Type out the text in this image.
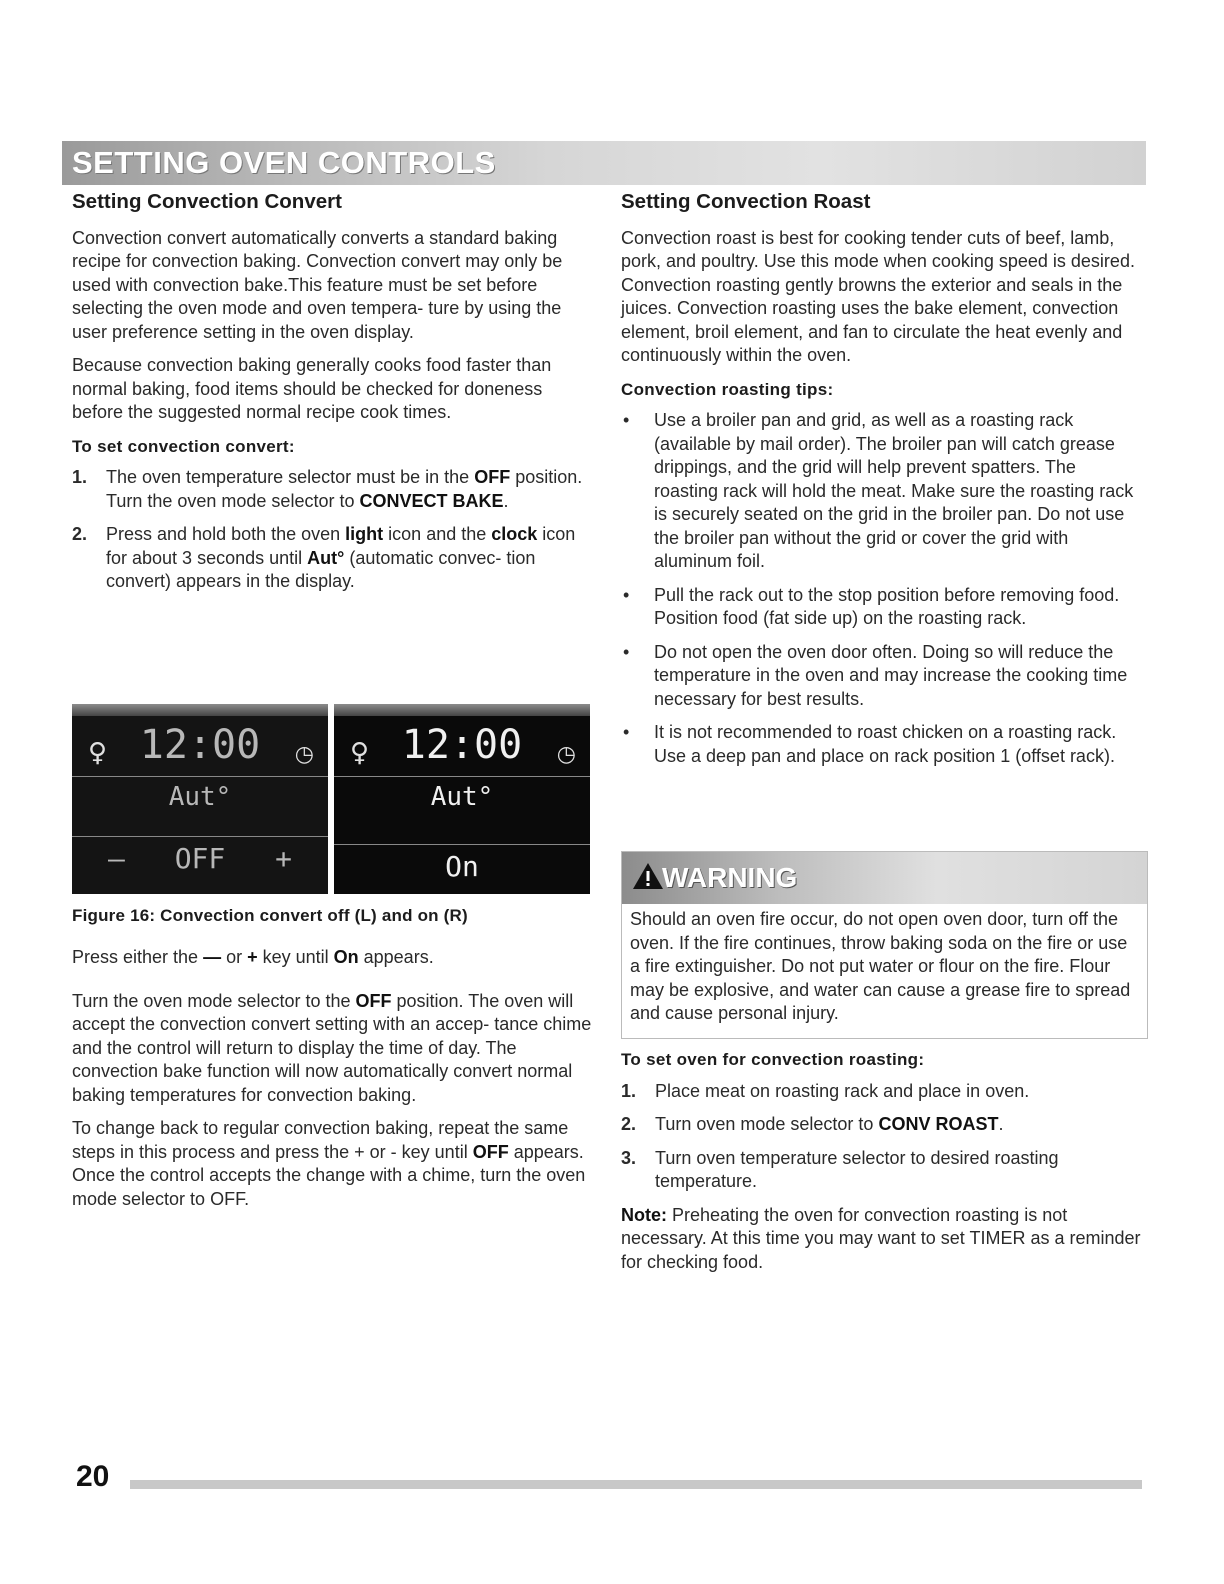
SETTING OVEN CONTROLS
Setting Convection Convert

Convection convert automatically converts a standard baking recipe for convection baking. Convection convert may only be used with convection bake.This feature must be set before selecting the oven mode and oven tempera- ture by using the user preference setting in the oven display.

Because convection baking generally cooks food faster than normal baking, food items should be checked for doneness before the suggested normal recipe cook times.

To set convection convert:
1. The oven temperature selector must be in the OFF position. Turn the oven mode selector to CONVECT BAKE.
2. Press and hold both the oven light icon and the clock icon for about 3 seconds until Aut° (automatic convec- tion convert) appears in the display.
♀ 12:00	◷
Aut°
—	OFF	+
♀ 12:00	◷
Aut°
On
Figure 16: Convection convert off (L) and on (R)

Press either the — or + key until On appears.

Turn the oven mode selector to the OFF position. The oven will accept the convection convert setting with an accep- tance chime and the control will return to display the time of day. The convection bake function will now automatically convert normal baking temperatures for convection baking.

To change back to regular convection baking, repeat the same steps in this process and press the + or - key until OFF appears. Once the control accepts the change with a chime, turn the oven mode selector to OFF.

Setting Convection Roast

Convection roast is best for cooking tender cuts of beef, lamb, pork, and poultry. Use this mode when cooking speed is desired. Convection roasting gently browns the exterior and seals in the juices. Convection roasting uses the bake element, convection element, broil element, and fan to circulate the heat evenly and continuously within the oven.

Convection roasting tips:
• Use a broiler pan and grid, as well as a roasting rack (available by mail order). The broiler pan will catch grease drippings, and the grid will help prevent spatters. The roasting rack will hold the meat. Make sure the roasting rack is securely seated on the grid in the broiler pan. Do not use the broiler pan without the grid or cover the grid with aluminum foil.
• Pull the rack out to the stop position before removing food. Position food (fat side up) on the roasting rack.
• Do not open the oven door often. Doing so will reduce the temperature in the oven and may increase the cooking time necessary for best results.
• It is not recommended to roast chicken on a roasting rack. Use a deep pan and place on rack position 1 (offset rack).
WARNING
Should an oven fire occur, do not open oven door, turn off the oven. If the fire continues, throw baking soda on the fire or use a fire extinguisher. Do not put water or flour on the fire. Flour may be explosive, and water can cause a grease fire to spread and cause personal injury.
To set oven for convection roasting:
1. Place meat on roasting rack and place in oven.
2. Turn oven mode selector to CONV ROAST.
3. Turn oven temperature selector to desired roasting temperature.

Note: Preheating the oven for convection roasting is not necessary. At this time you may want to set TIMER as a reminder for checking food.

20
